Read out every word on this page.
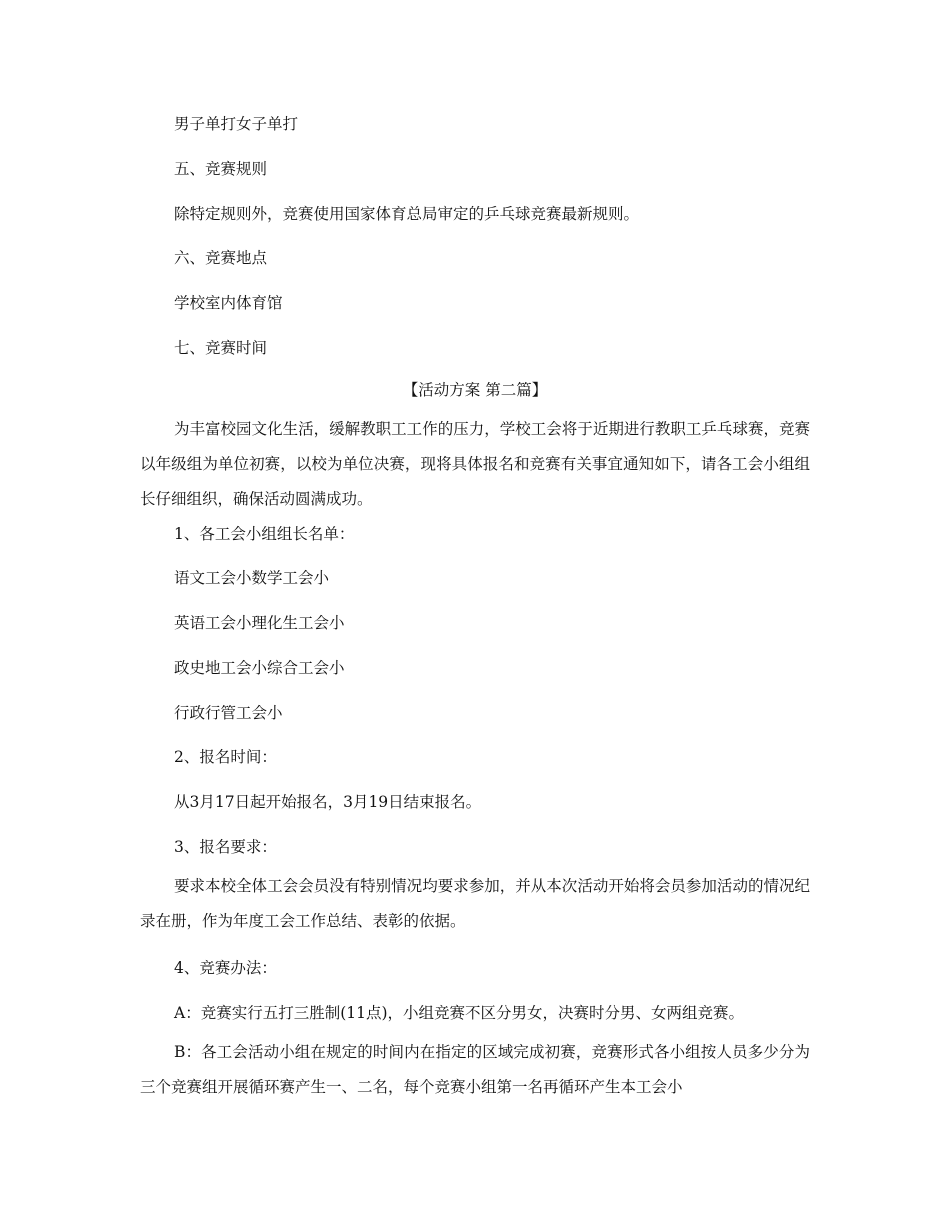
男子单打女子单打

五、竞赛规则

除特定规则外，竞赛使用国家体育总局审定的乒乓球竞赛最新规则。

六、竞赛地点

学校室内体育馆

七、竞赛时间

【活动方案 第二篇】

为丰富校园文化生活，缓解教职工工作的压力，学校工会将于近期进行教职工乒乓球赛，竞赛以年级组为单位初赛，以校为单位决赛，现将具体报名和竞赛有关事宜通知如下，请各工会小组组长仔细组织，确保活动圆满成功。

1、各工会小组组长名单：

语文工会小数学工会小

英语工会小理化生工会小

政史地工会小综合工会小

行政行管工会小

2、报名时间：

从3月17日起开始报名，3月19日结束报名。

3、报名要求：

要求本校全体工会会员没有特别情况均要求参加，并从本次活动开始将会员参加活动的情况纪录在册，作为年度工会工作总结、表彰的依据。

4、竞赛办法：

A：竞赛实行五打三胜制(11点)，小组竞赛不区分男女，决赛时分男、女两组竞赛。

B：各工会活动小组在规定的时间内在指定的区域完成初赛，竞赛形式各小组按人员多少分为三个竞赛组开展循环赛产生一、二名，每个竞赛小组第一名再循环产生本工会小
